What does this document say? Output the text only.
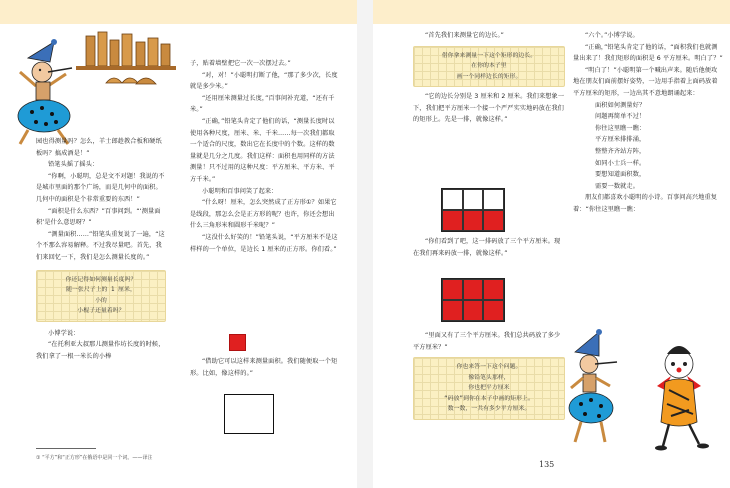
园也得测量吗？怎么，羊士郎趁教合板和硬纸板吗？搞成酒是！”

铅笔头摇了摇头：

“你啊，小聪明，总是文不对题！我说的不是城市里面的那个广场，而是几何中的面积。几何中的面积是个非常重要的东西！”

“面积是什么东西？”百事问到。“‘测量面积’是什么意思呀？”

“测量面积……”铅笔头重复说了一遍，“这个不那么容易解释。不过我尽量吧。首先，我们来回忆一下，我们是怎么测量长度的。”

你还记得如何测量长度吗？

随一张尺子上的 1 厘米，

小的

小棍子还量着吗？

小博学说：

“在托利亚大叔那儿测量作坊长度的时候，我们拿了一根一米长的小棒

① “平方”和“正方形”在俄语中是同一个词。——译注

子，贴着墙壁把它一次一次摆过去。”

“对，对！”小聪明打断了他，“那了多少次，长度就是多少米。”

“还用厘米测量过长度，”百事问补充道，“还有千米。”

“正确，”铅笔头肯定了他们的话，“测量长度时以使用各种尺度，厘米、米、千米……每一次我们都取一个适合的尺度，数出它在长度中的个数。这样的数量就是几分之几度。我们这样：面积也用同样的方法测量！只不过用的这种尺度：平方厘米、平方米、平方千米。”

小聪明和百事问笑了起来：

“什么呀！厘米，怎么突然成了正方形①？如果它是线段，那怎么会是正方形的呢？也许，你还会想出什么三角形米和圆形千米呢？”

“这没什么好笑的！”铅笔头说，“平方厘米不是这样样的一个单位，是边长 1 厘米的正方形。你们看。”

“借助它可以这样来测量面积。我们随便取一个矩形。比如，像这样的。”

“首先我们来测量它的边长。”

借你拿来测量一下这个矩形的边长。

在你的本子里

画一个同样边长的矩形。

“它的边长分别是 3 厘米和 2 厘米。我们来想象一下，我们把平方厘米一个接一个严严实实地码放在我们的矩形上。先是一排，就像这样。”

“你们看到了吧，这一排码放了三个平方厘米。现在我们再来码放一排，就像这样。”

“里面又有了三个平方厘米。我们总共码放了多少平方厘米？”

你也来答一下这个问题。

像铅笔头那样，

你也把平方厘米

“码放”到你在本子中画的矩形上。

数一数，一共有多少平方厘米。

“六个。”小博学说。

“正确，”铅笔头肯定了他的话，“面积我们也就测量出来了！我们矩形的面积是 6 平方厘米。明白了？”

“明白了！”小聪明第一个喊出声来。随后他便攻地在朋友们面前摆好姿势，一边用手指着上面码放着平方厘米的矩形，一边出其不意地朗诵起来：

面积如何测量好？

问题再简单不过！

你往这里瞧一瞧：

平方厘米排排涌，

整整齐齐站方阵，

如同小士兵一样。

要想知道面积数，

需要一数就走。

朋友们都喜欢小聪明的小诗。百事问高兴地重复着：“你往这里瞧一瞧：

135
